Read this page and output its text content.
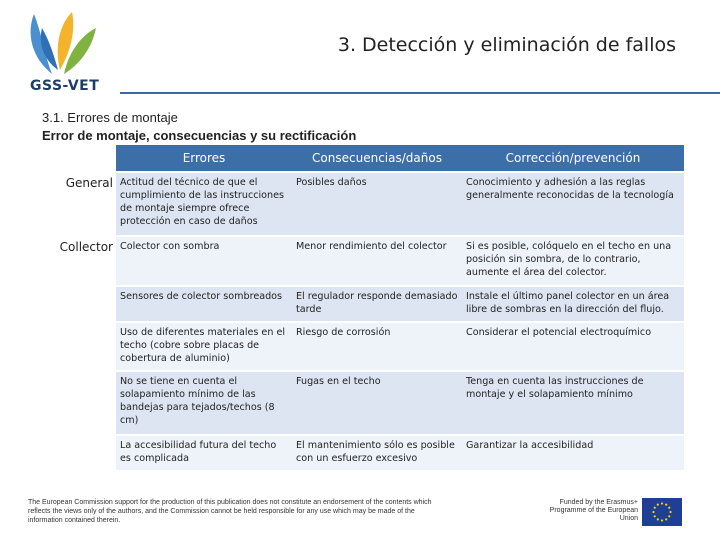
GSS-VET
3. Detección y eliminación de fallos
3.1. Errores de montaje
Error de montaje, consecuencias y su rectificación
	Errores	Consecuencias/daños	Corrección/prevención
General	Actitud del técnico de que el cumplimiento de las instrucciones de montaje siempre ofrece protección en caso de daños	Posibles daños	Conocimiento y adhesión a las reglas generalmente reconocidas de la tecnología
Collector	Colector con sombra	Menor rendimiento del colector	Si es posible, colóquelo en el techo en una posición sin sombra, de lo contrario, aumente el área del colector.
	Sensores de colector sombreados	El regulador responde demasiado tarde	Instale el último panel colector en un área libre de sombras en la dirección del flujo.
	Uso de diferentes materiales en el techo (cobre sobre placas de cobertura de aluminio)	Riesgo de corrosión	Considerar el potencial electroquímico
	No se tiene en cuenta el solapamiento mínimo de las bandejas para tejados/techos (8 cm)	Fugas en el techo	Tenga en cuenta las instrucciones de montaje y el solapamiento mínimo
	La accesibilidad futura del techo es complicada	El mantenimiento sólo es posible con un esfuerzo excesivo	Garantizar la accesibilidad
The European Commission support for the production of this publication does not constitute an endorsement of the contents which reflects the views only of the authors, and the Commission cannot be held responsible for any use which may be made of the information contained therein.
Funded by the Erasmus+ Programme of the European Union
